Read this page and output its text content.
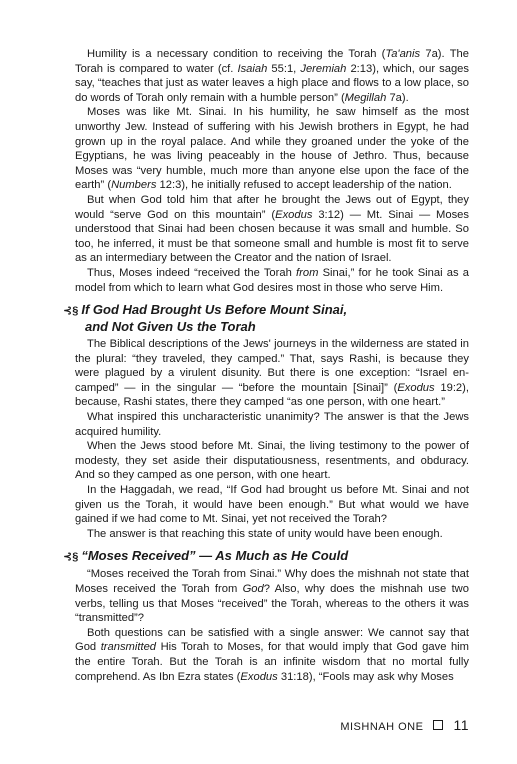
Humility is a necessary condition to receiving the Torah (Ta'anis 7a). The Torah is compared to water (cf. Isaiah 55:1, Jeremiah 2:13), which, our sages say, “teaches that just as water leaves a high place and flows to a low place, so do words of Torah only remain with a humble person” (Megillah 7a).

Moses was like Mt. Sinai. In his humility, he saw himself as the most unworthy Jew. Instead of suffering with his Jewish brothers in Egypt, he had grown up in the royal palace. And while they groaned under the yoke of the Egyptians, he was living peaceably in the house of Jethro. Thus, because Moses was “very humble, much more than anyone else upon the face of the earth” (Numbers 12:3), he initially refused to accept leadership of the nation.

But when God told him that after he brought the Jews out of Egypt, they would “serve God on this mountain” (Exodus 3:12) — Mt. Sinai — Moses understood that Sinai had been chosen because it was small and humble. So too, he inferred, it must be that someone small and humble is most fit to serve as an intermediary between the Creator and the nation of Israel.

Thus, Moses indeed “received the Torah from Sinai,” for he took Sinai as a model from which to learn what God desires most in those who serve Him.

⊰§ If God Had Brought Us Before Mount Sinai,
and Not Given Us the Torah

The Biblical descriptions of the Jews' journeys in the wilderness are stated in the plural: “they traveled, they camped.” That, says Rashi, is because they were plagued by a virulent disunity. But there is one exception: “Israel en-camped” — in the singular — “before the mountain [Sinai]” (Exodus 19:2), because, Rashi states, there they camped “as one person, with one heart.”

What inspired this uncharacteristic unanimity? The answer is that the Jews acquired humility.

When the Jews stood before Mt. Sinai, the living testimony to the power of modesty, they set aside their disputatiousness, resentments, and obduracy. And so they camped as one person, with one heart.

In the Haggadah, we read, “If God had brought us before Mt. Sinai and not given us the Torah, it would have been enough.” But what would we have gained if we had come to Mt. Sinai, yet not received the Torah?

The answer is that reaching this state of unity would have been enough.

⊰§ “Moses Received” — As Much as He Could

“Moses received the Torah from Sinai.” Why does the mishnah not state that Moses received the Torah from God? Also, why does the mishnah use two verbs, telling us that Moses “received” the Torah, whereas to the others it was “transmitted”?

Both questions can be satisfied with a single answer: We cannot say that God transmitted His Torah to Moses, for that would imply that God gave him the entire Torah. But the Torah is an infinite wisdom that no mortal fully comprehend. As Ibn Ezra states (Exodus 31:18), “Fools may ask why Moses

MISHNAH ONE 11
